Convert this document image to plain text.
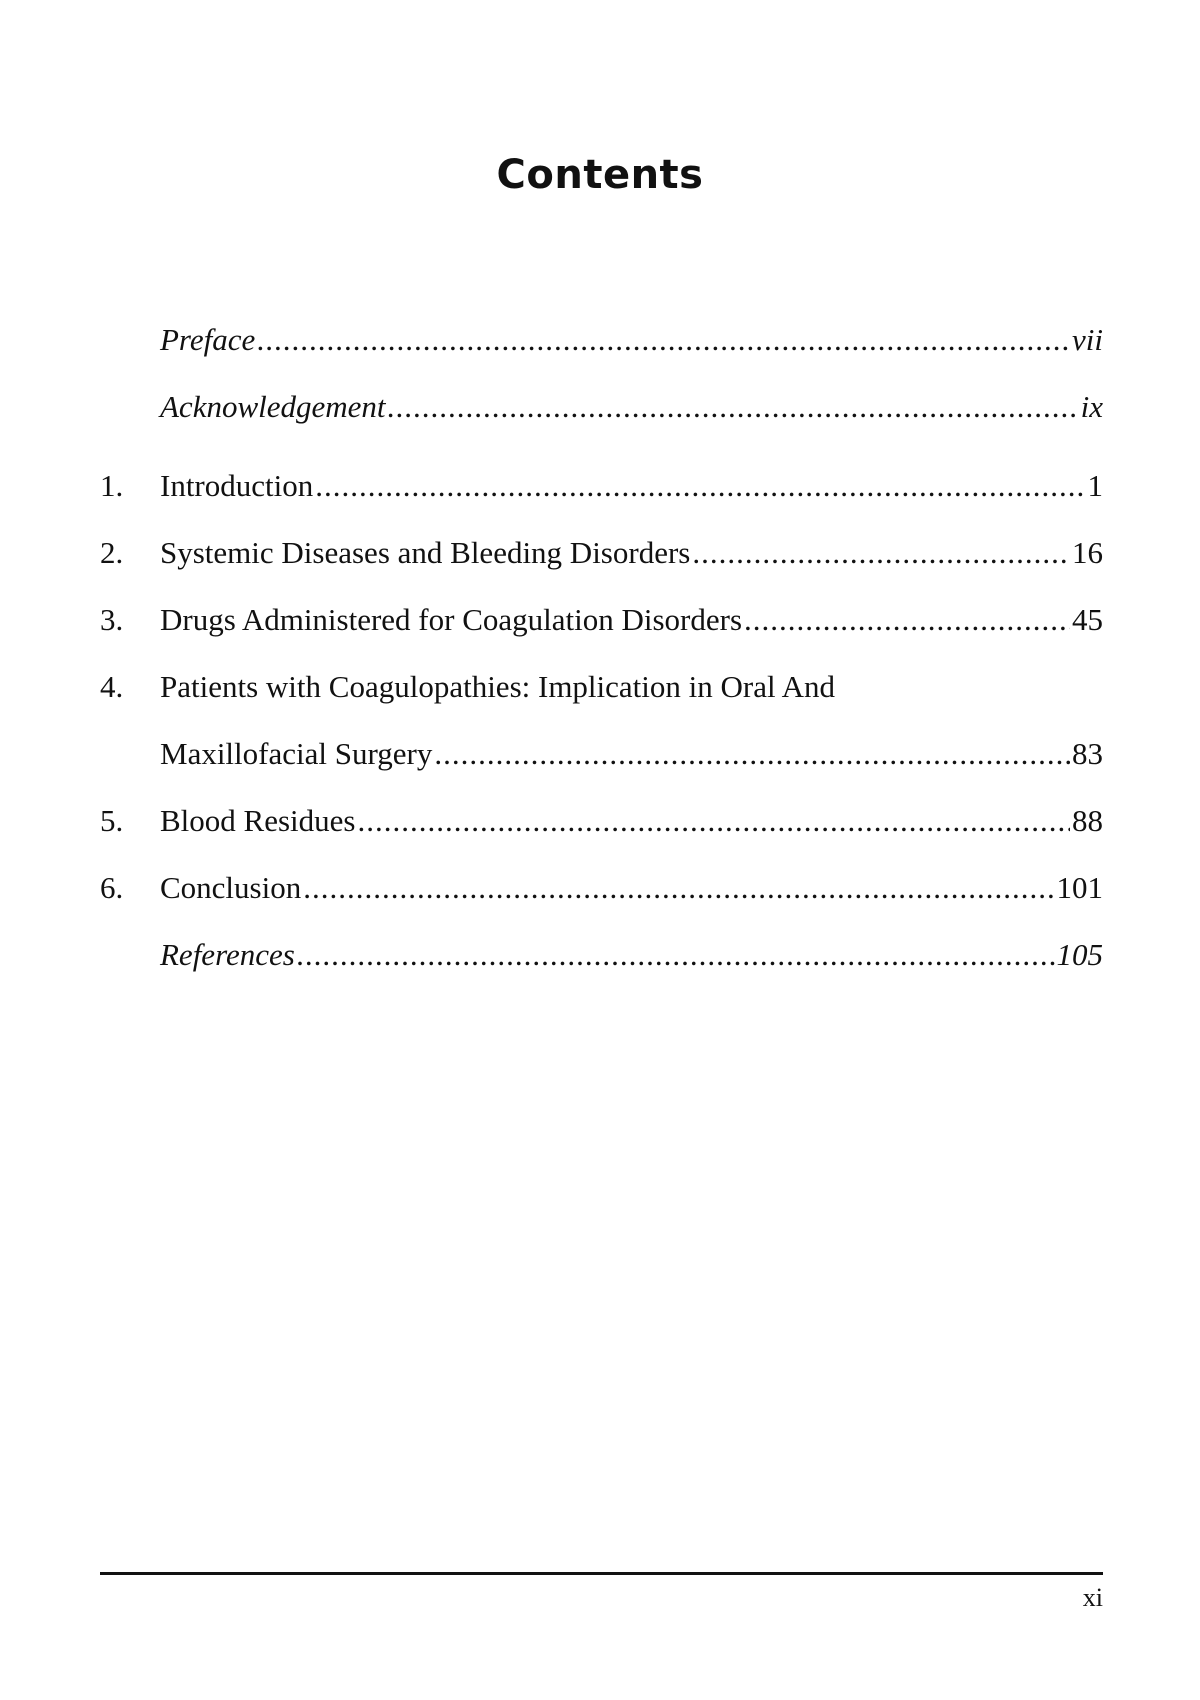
Contents
Preface .....	vii
Acknowledgement .....	ix
1.	Introduction .....	1
2.	Systemic Diseases and Bleeding Disorders .....	16
3.	Drugs Administered for Coagulation Disorders .....	45
4.	Patients with Coagulopathies: Implication in Oral And
Maxillofacial Surgery .....	83
5.	Blood Residues .....	88
6.	Conclusion .....	101
References .....	105
xi
